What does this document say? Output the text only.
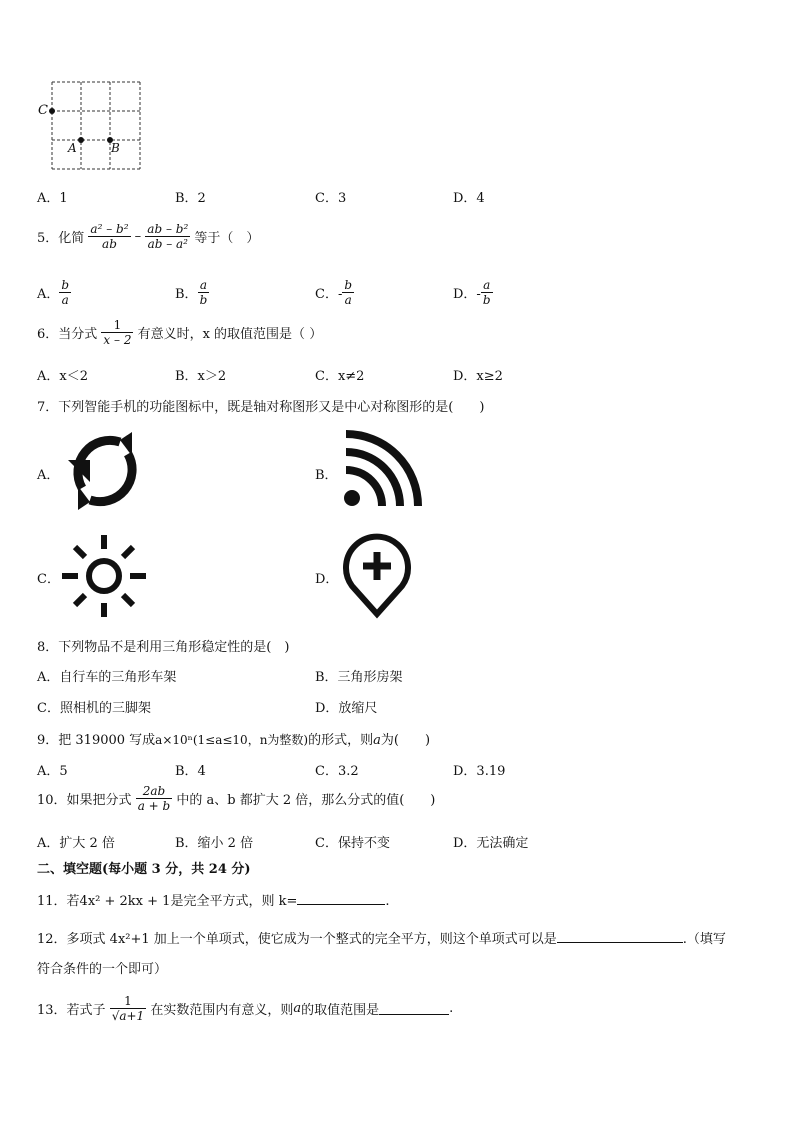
C
A	B
A．1	B．2	C．3	D．4
5．化简 $\frac{\text{a² – b²}}{ab} - \frac{\text{ab – b²}}{\text{ab – a²}}$ 等于（　）
A． $\frac{b}{a}$	B． $\frac{a}{b}$	C．- $\frac{b}{a}$	D．- $\frac{a}{b}$
6．当分式 $\frac{1}{x - 2}$ 有意义时，x 的取值范围是（ ）
A．x＜2	B．x＞2	C．x≠2	D．x≥2
7．下列智能手机的功能图标中，既是轴对称图形又是中心对称图形的是(　　)
A．	B．
C．	D．
8．下列物品不是利用三角形稳定性的是(　)
A．自行车的三角形车架	B．三角形房架
C．照相机的三脚架	D．放缩尺
9．把 319000 写成a×10ⁿ(1≤a≤10，n为整数)的形式，则a为(　　)
A．5	B．4	C．3.2	D．3.19
10．如果把分式 $\frac{2ab}{a + b}$ 中的 a、b 都扩大 2 倍，那么分式的值(　　)
A．扩大 2 倍	B．缩小 2 倍	C．保持不变	D．无法确定
二、填空题(每小题 3 分，共 24 分)
11．若4x² + 2kx + 1是完全平方式，则 k=	.
12．多项式 4x²+1 加上一个单项式，使它成为一个整式的完全平方，则这个单项式可以是	.（填写
符合条件的一个即可）
13．若式子 $\frac{1}{√a+1}$ 在实数范围内有意义，则a的取值范围是	.
